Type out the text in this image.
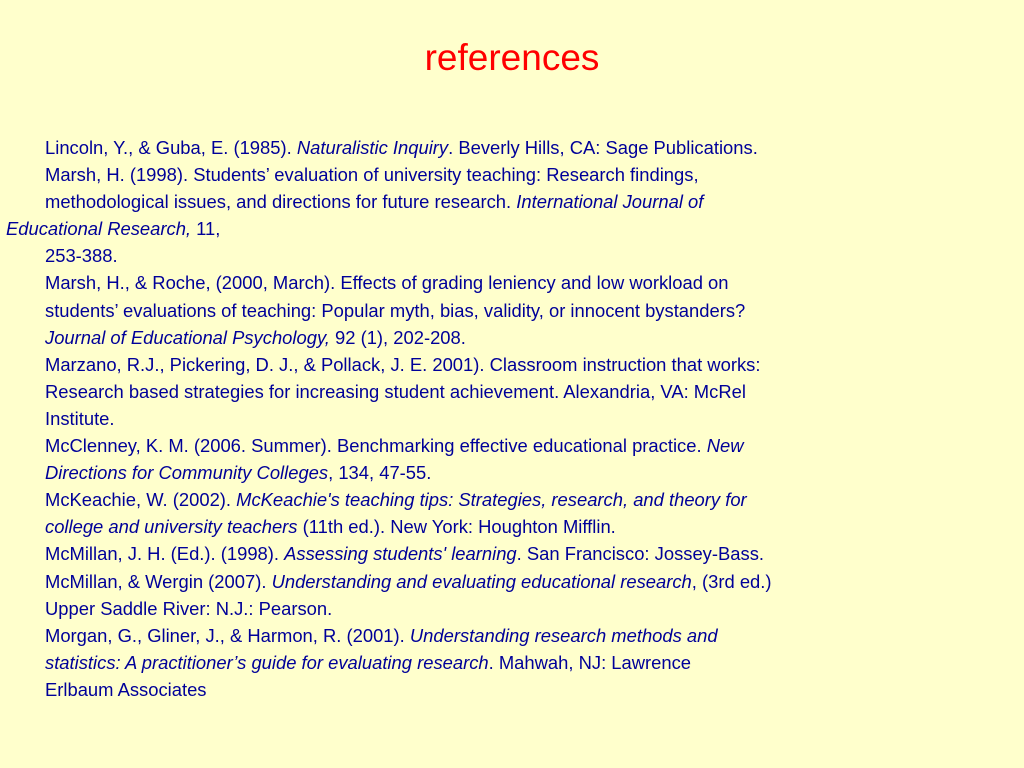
references

Lincoln, Y., & Guba, E. (1985). Naturalistic Inquiry. Beverly Hills, CA: Sage Publications.

Marsh, H. (1998). Students’ evaluation of university teaching: Research findings,
methodological issues, and directions for future research. International Journal of
Educational Research, 11,
253-388.

Marsh, H., & Roche, (2000, March). Effects of grading leniency and low workload on
students’ evaluations of teaching: Popular myth, bias, validity, or innocent bystanders?
Journal of Educational Psychology, 92 (1), 202-208.

Marzano, R.J., Pickering, D. J., & Pollack, J. E. 2001). Classroom instruction that works:
Research based strategies for increasing student achievement. Alexandria, VA: McRel
Institute.

McClenney, K. M. (2006. Summer). Benchmarking effective educational practice. New
Directions for Community Colleges, 134, 47-55.

McKeachie, W. (2002). McKeachie's teaching tips: Strategies, research, and theory for
college and university teachers (11th ed.). New York: Houghton Mifflin.

McMillan, J. H. (Ed.). (1998). Assessing students' learning. San Francisco: Jossey-Bass.

McMillan, & Wergin (2007). Understanding and evaluating educational research, (3rd ed.)
Upper Saddle River: N.J.: Pearson.

Morgan, G., Gliner, J., & Harmon, R. (2001). Understanding research methods and
statistics: A practitioner’s guide for evaluating research. Mahwah, NJ: Lawrence
Erlbaum Associates
